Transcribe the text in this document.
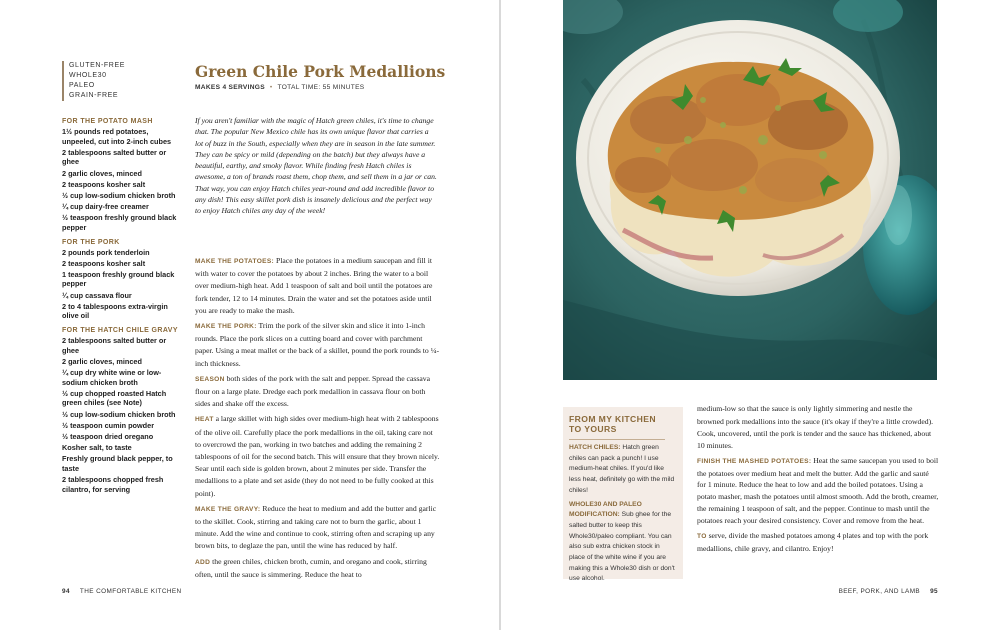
GLUTEN-FREE
WHOLE30
PALEO
GRAIN-FREE
Green Chile Pork Medallions
MAKES 4 SERVINGS • TOTAL TIME: 55 MINUTES
FOR THE POTATO MASH
1½ pounds red potatoes, unpeeled, cut into 2-inch cubes
2 tablespoons salted butter or ghee
2 garlic cloves, minced
2 teaspoons kosher salt
½ cup low-sodium chicken broth
¼ cup dairy-free creamer
½ teaspoon freshly ground black pepper
FOR THE PORK
2 pounds pork tenderloin
2 teaspoons kosher salt
1 teaspoon freshly ground black pepper
¼ cup cassava flour
2 to 4 tablespoons extra-virgin olive oil
FOR THE HATCH CHILE GRAVY
2 tablespoons salted butter or ghee
2 garlic cloves, minced
¼ cup dry white wine or low-sodium chicken broth
½ cup chopped roasted Hatch green chiles (see Note)
½ cup low-sodium chicken broth
½ teaspoon cumin powder
½ teaspoon dried oregano
Kosher salt, to taste
Freshly ground black pepper, to taste
2 tablespoons chopped fresh cilantro, for serving

If you aren't familiar with the magic of Hatch green chiles, it's time to change that. The popular New Mexico chile has its own unique flavor that carries a lot of buzz in the South, especially when they are in season in the late summer. They can be spicy or mild (depending on the batch) but they always have a beautiful, earthy, and smoky flavor. While finding fresh Hatch chiles is awesome, a ton of brands roast them, chop them, and sell them in a jar or can. That way, you can enjoy Hatch chiles year-round and add incredible flavor to any dish! This easy skillet pork dish is insanely delicious and the perfect way to enjoy Hatch chiles any day of the week!

MAKE THE POTATOES: Place the potatoes in a medium saucepan and fill it with water to cover the potatoes by about 2 inches. Bring the water to a boil over medium-high heat. Add 1 teaspoon of salt and boil until the potatoes are fork tender, 12 to 14 minutes. Drain the water and set the potatoes aside until you are ready to make the mash.

MAKE THE PORK: Trim the pork of the silver skin and slice it into 1-inch rounds. Place the pork slices on a cutting board and cover with parchment paper. Using a meat mallet or the back of a skillet, pound the pork rounds to ¼-inch thickness.

SEASON both sides of the pork with the salt and pepper. Spread the cassava flour on a large plate. Dredge each pork medallion in cassava flour on both sides and shake off the excess.

HEAT a large skillet with high sides over medium-high heat with 2 tablespoons of the olive oil. Carefully place the pork medallions in the oil, taking care not to overcrowd the pan, working in two batches and adding the remaining 2 tablespoons of oil for the second batch. This will ensure that they brown nicely. Sear until each side is golden brown, about 2 minutes per side. Transfer the medallions to a plate and set aside (they do not need to be fully cooked at this point).

MAKE THE GRAVY: Reduce the heat to medium and add the butter and garlic to the skillet. Cook, stirring and taking care not to burn the garlic, about 1 minute. Add the wine and continue to cook, stirring often and scraping up any brown bits, to deglaze the pan, until the wine has reduced by half.

ADD the green chiles, chicken broth, cumin, and oregano and cook, stirring often, until the sauce is simmering. Reduce the heat to

94 THE COMFORTABLE KITCHEN
FROM MY KITCHEN
TO YOURS

HATCH CHILES: Hatch green chiles can pack a punch! I use medium-heat chiles. If you'd like less heat, definitely go with the mild chiles!

WHOLE30 AND PALEO MODIFICATION: Sub ghee for the salted butter to keep this Whole30/paleo compliant. You can also sub extra chicken stock in place of the white wine if you are making this a Whole30 dish or don't use alcohol.

medium-low so that the sauce is only lightly simmering and nestle the browned pork medallions into the sauce (it's okay if they're a little crowded). Cook, uncovered, until the pork is tender and the sauce has thickened, about 10 minutes.

FINISH THE MASHED POTATOES: Heat the same saucepan you used to boil the potatoes over medium heat and melt the butter. Add the garlic and sauté for 1 minute. Reduce the heat to low and add the boiled potatoes. Using a potato masher, mash the potatoes until almost smooth. Add the broth, creamer, the remaining 1 teaspoon of salt, and the pepper. Continue to mash until the potatoes reach your desired consistency. Cover and remove from the heat.

TO serve, divide the mashed potatoes among 4 plates and top with the pork medallions, chile gravy, and cilantro. Enjoy!

BEEF, PORK, AND LAMB 95
